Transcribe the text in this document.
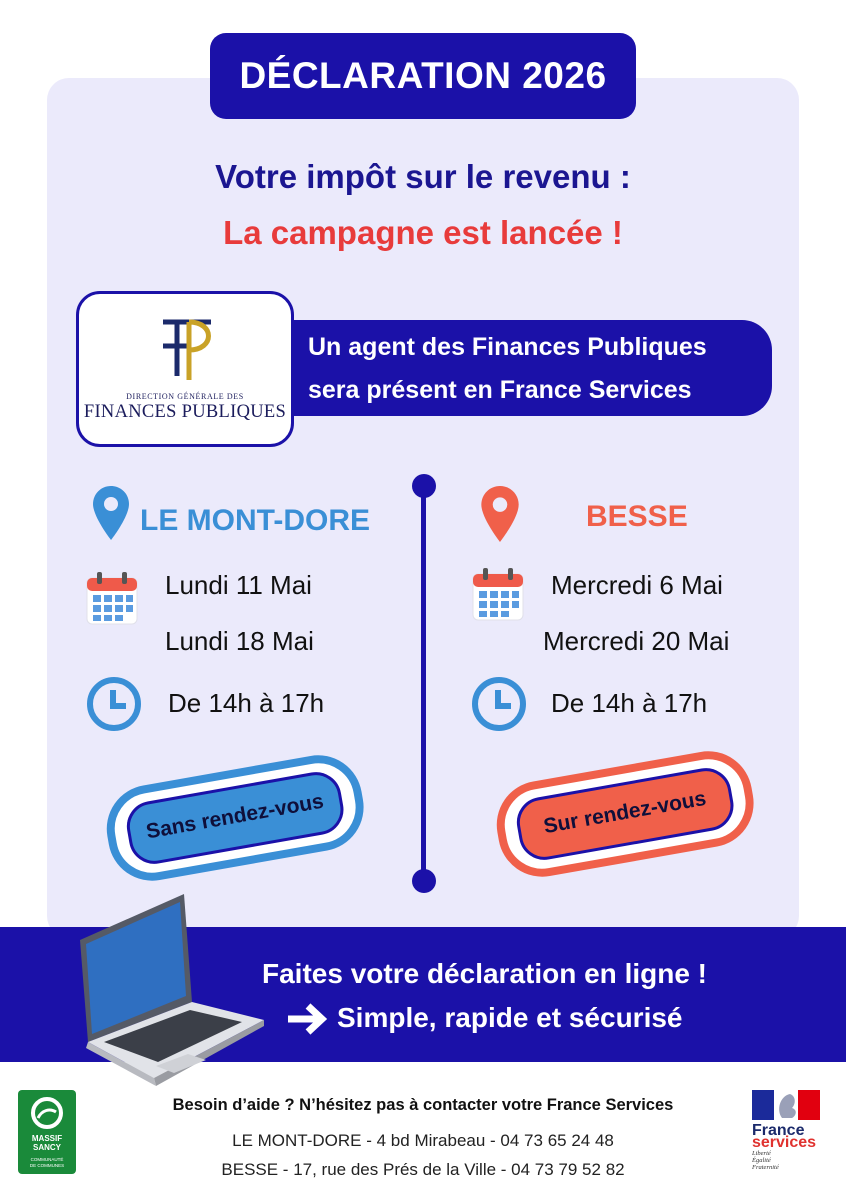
DÉCLARATION 2026
Votre impôt sur le revenu :
La campagne est lancée !
Un agent des Finances Publiques
sera présent en France Services
DIRECTION GÉNÉRALE DES
FINANCES PUBLIQUES
LE MONT-DORE
Lundi 11 Mai
Lundi 18 Mai
De 14h à 17h
Sans rendez-vous
BESSE
Mercredi 6 Mai
Mercredi 20 Mai
De 14h à 17h
Sur rendez-vous
Faites votre déclaration en ligne !
Simple, rapide et sécurisé
MASSIF
SANCY
COMMUNAUTÉ
DE COMMUNES
Besoin d’aide ? N’hésitez pas à contacter votre France Services
LE MONT-DORE - 4 bd Mirabeau - 04 73 65 24 48
BESSE - 17, rue des Prés de la Ville - 04 73 79 52 82
France
services
Liberté
Égalité
Fraternité
